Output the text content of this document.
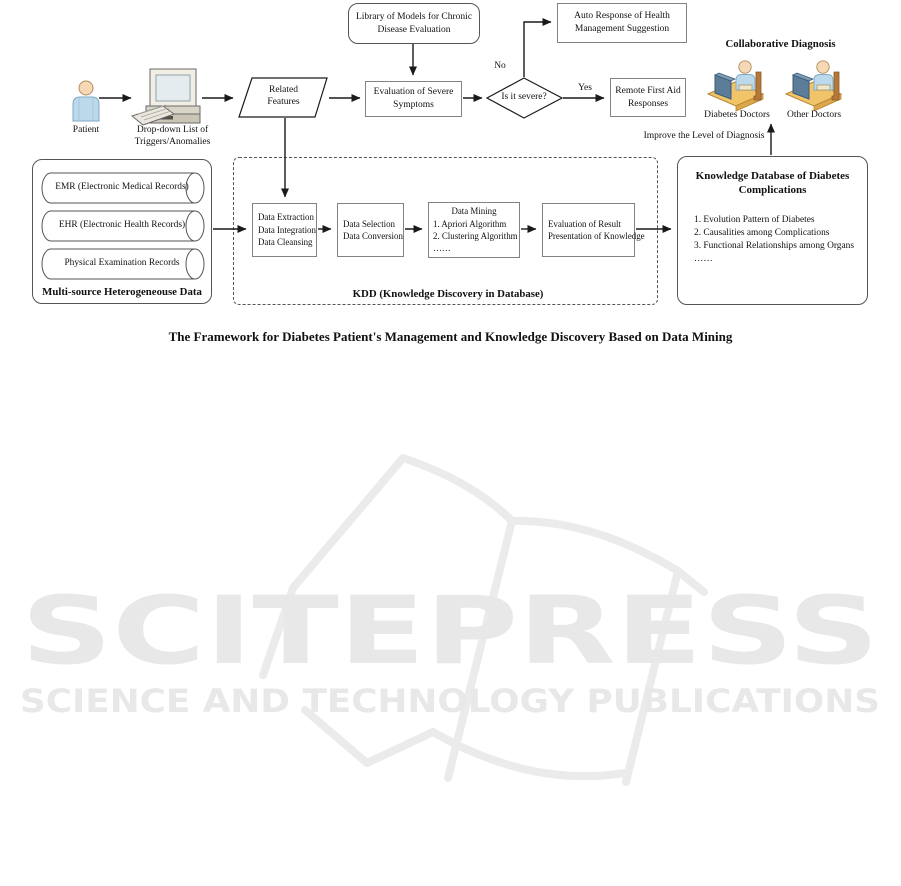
SCITEPRESS
SCIENCE AND TECHNOLOGY PUBLICATIONS
Library of Models for Chronic Disease Evaluation
Auto Response of Health Management Suggestion
Evaluation of Severe Symptoms
Remote First Aid Responses
Data Extraction
Data Integration
Data Cleansing
Data Selection
Data Conversion
Data Mining
1. Apriori Algorithm
2. Clustering Algorithm
……
Evaluation of Result
Presentation of Knowledge
KDD (Knowledge Discovery in Database)
EMR (Electronic Medical Records)
EHR (Electronic Health Records)
Physical Examination Records
Multi-source Heterogeneouse Data
Knowledge Database of Diabetes
Complications
1. Evolution Pattern of Diabetes
2. Causalities among Complications
3. Functional Relationships among Organs
……
Patient	Drop-down List of Triggers/Anomalies
Related Features	Is it severe?
No
Yes
Collaborative Diagnosis
Diabetes Doctors	Other Doctors
Improve the Level of Diagnosis
The Framework for Diabetes Patient's Management and Knowledge Discovery Based on Data Mining
